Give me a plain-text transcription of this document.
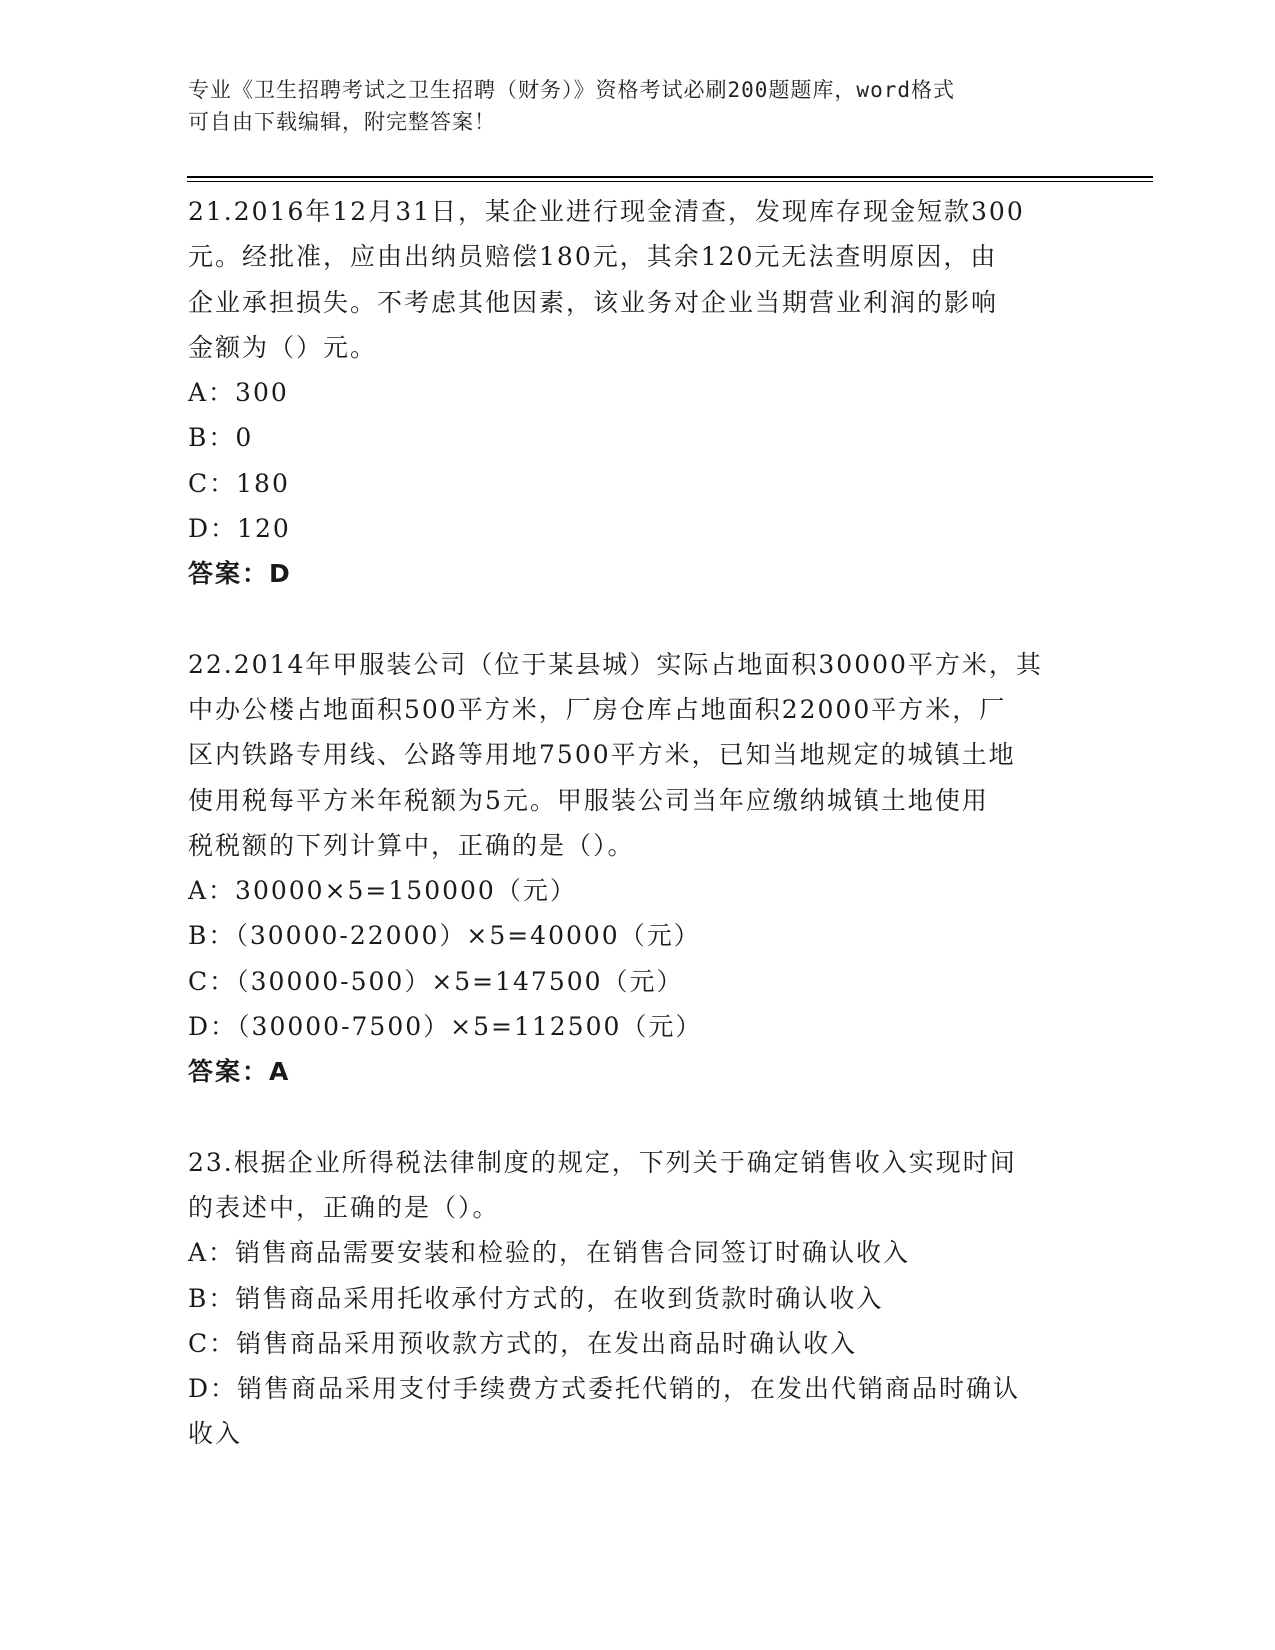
专业《卫生招聘考试之卫生招聘（财务）》资格考试必刷200题题库，word格式
可自由下载编辑，附完整答案！
21.2016年12月31日，某企业进行现金清查，发现库存现金短款300
元。经批准，应由出纳员赔偿180元，其余120元无法查明原因，由
企业承担损失。不考虑其他因素，该业务对企业当期营业利润的影响
金额为（）元。
A：300
B：0
C：180
D：120
答案：D
22.2014年甲服装公司（位于某县城）实际占地面积30000平方米，其
中办公楼占地面积500平方米，厂房仓库占地面积22000平方米，厂
区内铁路专用线、公路等用地7500平方米，已知当地规定的城镇土地
使用税每平方米年税额为5元。甲服装公司当年应缴纳城镇土地使用
税税额的下列计算中，正确的是（）。
A：30000×5=150000（元）
B：（30000-22000）×5=40000（元）
C：（30000-500）×5=147500（元）
D：（30000-7500）×5=112500（元）
答案：A
23.根据企业所得税法律制度的规定，下列关于确定销售收入实现时间
的表述中，正确的是（）。
A：销售商品需要安装和检验的，在销售合同签订时确认收入
B：销售商品采用托收承付方式的，在收到货款时确认收入
C：销售商品采用预收款方式的，在发出商品时确认收入
D：销售商品采用支付手续费方式委托代销的，在发出代销商品时确认
收入
